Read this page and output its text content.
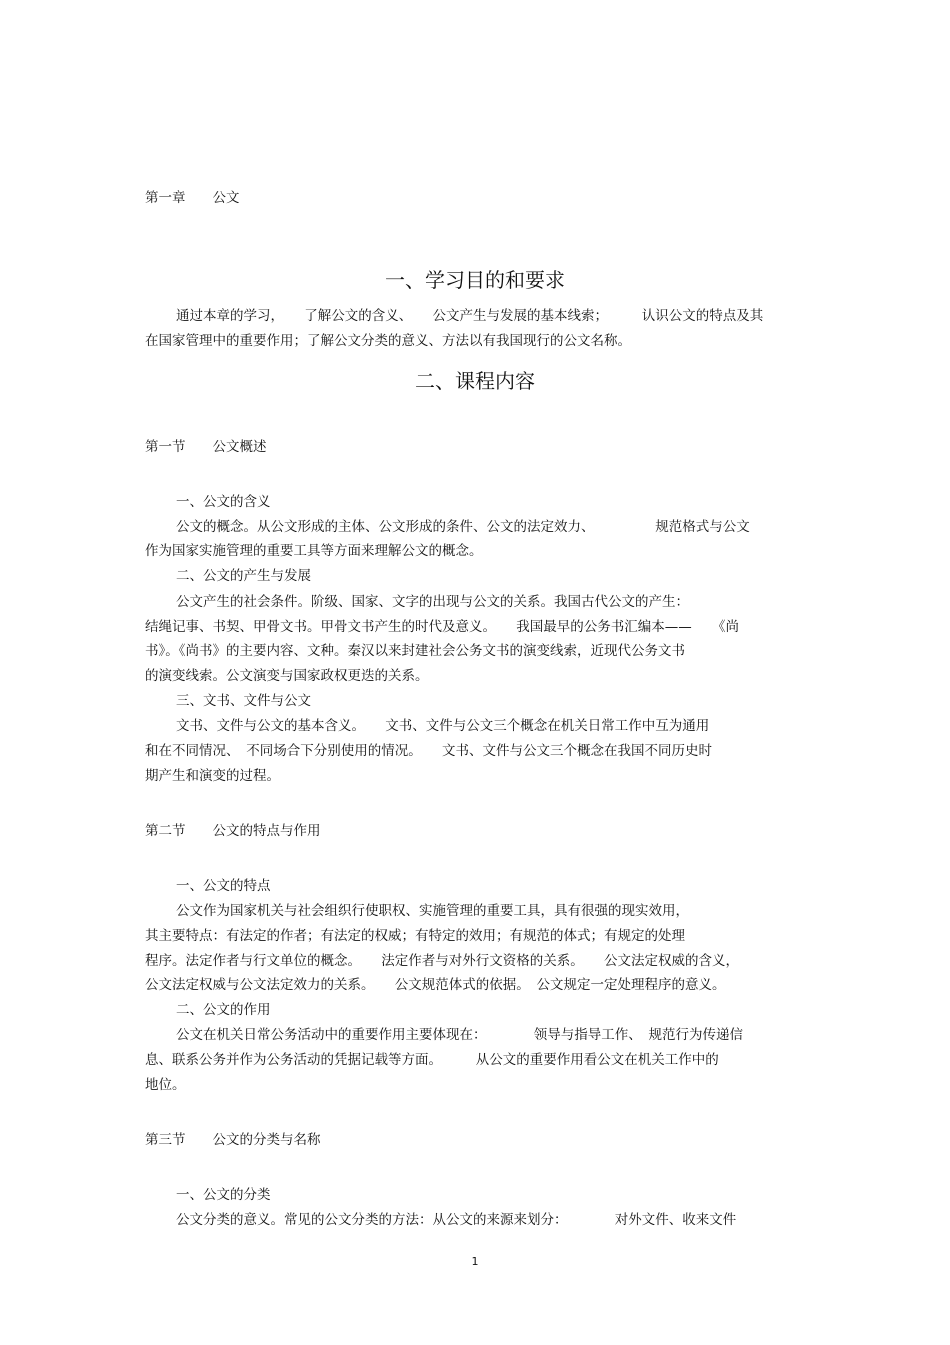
第一章　　公文
一、学习目的和要求
通过本章的学习，　　了解公文的含义、　　公文产生与发展的基本线索；　　　认识公文的特点及其
在国家管理中的重要作用；了解公文分类的意义、方法以有我国现行的公文名称。
二、课程内容
第一节　　公文概述
一、公文的含义
公文的概念。从公文形成的主体、公文形成的条件、公文的法定效力、　　　　　规范格式与公文
作为国家实施管理的重要工具等方面来理解公文的概念。
二、公文的产生与发展
公文产生的社会条件。阶级、国家、文字的出现与公文的关系。我国古代公文的产生：
结绳记事、书契、甲骨文书。甲骨文书产生的时代及意义。　　我国最早的公务书汇编本——　　《尚
书》。《尚书》的主要内容、文种。秦汉以来封建社会公务文书的演变线索，近现代公务文书
的演变线索。公文演变与国家政权更迭的关系。
三、文书、文件与公文
文书、文件与公文的基本含义。　　文书、文件与公文三个概念在机关日常工作中互为通用
和在不同情况、　不同场合下分别使用的情况。　　文书、文件与公文三个概念在我国不同历史时
期产生和演变的过程。
第二节　　公文的特点与作用
一、公文的特点
公文作为国家机关与社会组织行使职权、实施管理的重要工具，具有很强的现实效用，
其主要特点：有法定的作者；有法定的权威；有特定的效用；有规范的体式；有规定的处理
程序。法定作者与行文单位的概念。　　法定作者与对外行文资格的关系。　　公文法定权威的含义，
公文法定权威与公文法定效力的关系。　　公文规范体式的依据。　公文规定一定处理程序的意义。
二、公文的作用
公文在机关日常公务活动中的重要作用主要体现在：　　　　领导与指导工作、　规范行为传递信
息、联系公务并作为公务活动的凭据记载等方面。　　　从公文的重要作用看公文在机关工作中的
地位。
第三节　　公文的分类与名称
一、公文的分类
公文分类的意义。常见的公文分类的方法：从公文的来源来划分：　　　　对外文件、收来文件
1
